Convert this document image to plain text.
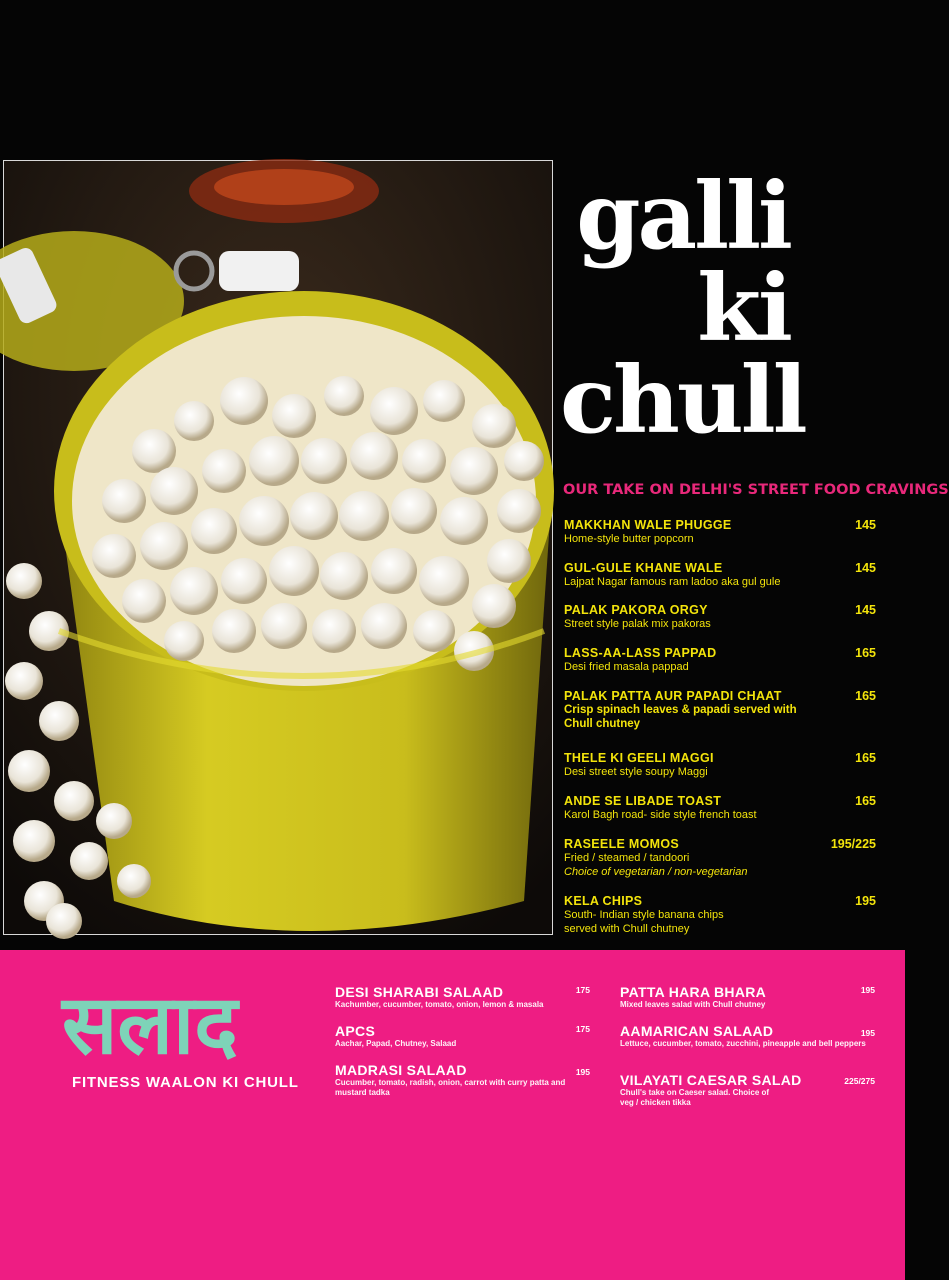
galli
ki
chull
OUR TAKE ON DELHI'S STREET FOOD CRAVINGS
MAKKHAN WALE PHUGGE	145
Home-style butter popcorn
GUL-GULE KHANE WALE	145
Lajpat Nagar famous ram ladoo aka gul gule
PALAK PAKORA ORGY	145
Street style palak mix pakoras
LASS-AA-LASS PAPPAD	165
Desi fried masala pappad
PALAK PATTA AUR PAPADI CHAAT	165
Crisp spinach leaves & papadi served with Chull chutney
THELE KI GEELI MAGGI	165
Desi street style soupy Maggi
ANDE SE LIBADE TOAST	165
Karol Bagh road- side style french toast
RASEELE MOMOS	195/225
Fried / steamed / tandoori
Choice of vegetarian / non-vegetarian
KELA CHIPS	195
South- Indian style banana chips served with Chull chutney
सलाद
FITNESS WAALON KI CHULL
DESI SHARABI SALAAD	175
Kachumber, cucumber, tomato, onion, lemon & masala
APCS	175
Aachar, Papad, Chutney, Salaad
MADRASI SALAAD	195
Cucumber, tomato, radish, onion, carrot with curry patta and mustard tadka
PATTA HARA BHARA	195
Mixed leaves salad with Chull chutney
AAMARICAN SALAAD	195
Lettuce, cucumber, tomato, zucchini, pineapple and bell peppers
VILAYATI CAESAR SALAD	225/275
Chull's take on Caeser salad. Choice of veg / chicken tikka
